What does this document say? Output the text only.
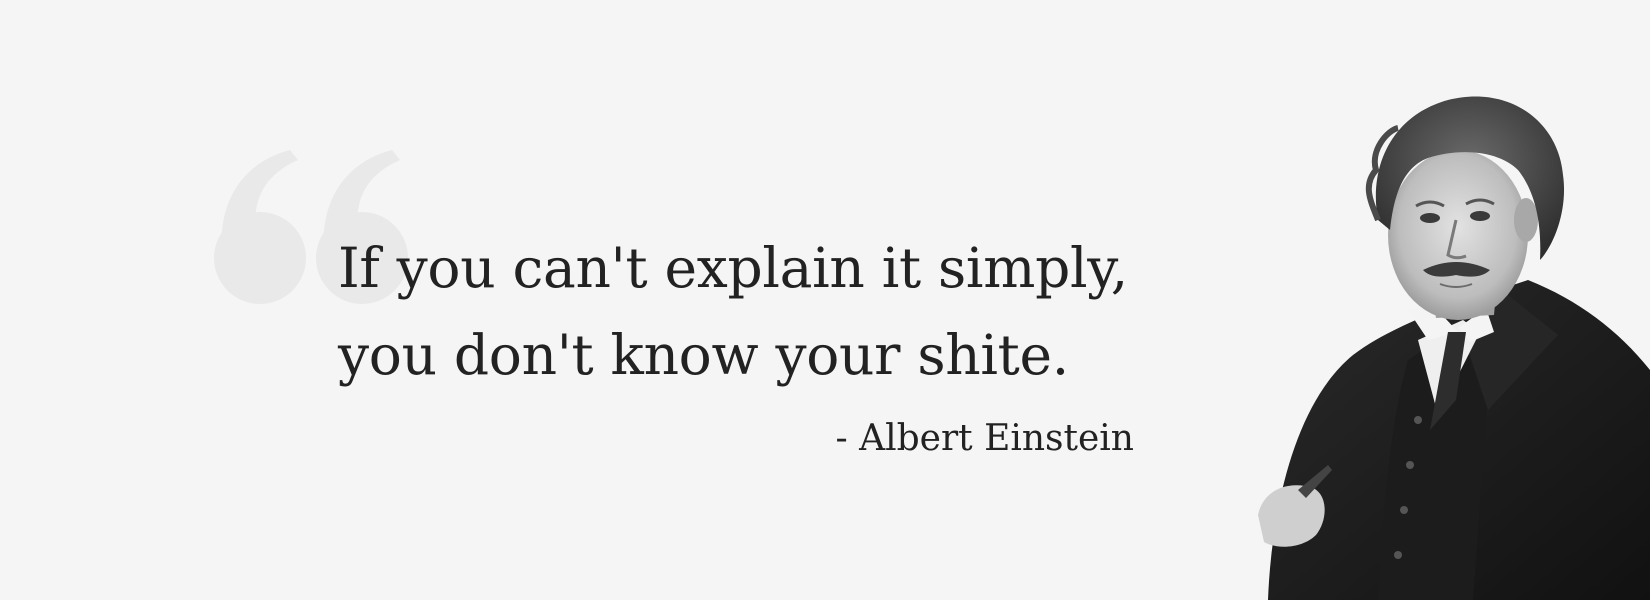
If you can't explain it simply,
you don't know your shite.
- Albert Einstein
